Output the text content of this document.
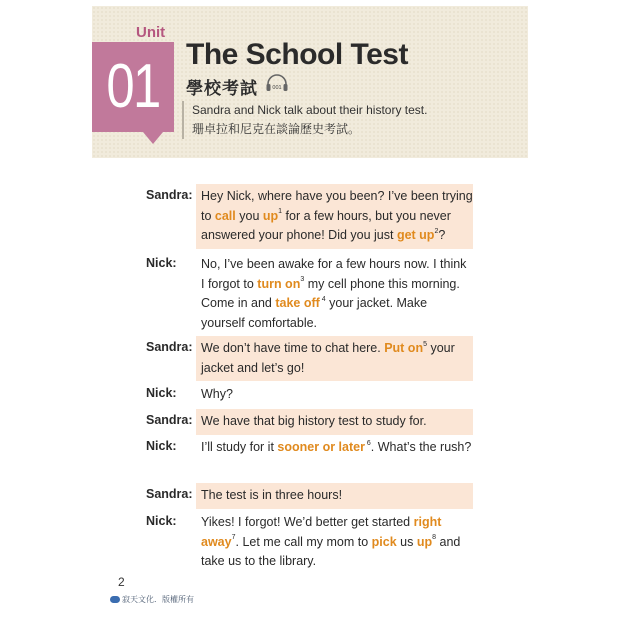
Unit
01 The School Test
學校考試	001
Sandra and Nick talk about their history test.
珊卓拉和尼克在談論歷史考試。
Sandra: Hey Nick, where have you been? I’ve been trying to call you $up^1$ for a few hours, but you never answered your phone! Did you just get $up^2$?
Nick:	No, I’ve been awake for a few hours now. I think I forgot to turn $on^3$ my cell phone this morning. Come in and take off $^4$ your jacket. Make yourself comfortable.
Sandra: We don’t have time to chat here. Put $on^5$ your jacket and let’s go!
Nick:	Why?
Sandra: We have that big history test to study for.
Nick:	I’ll study for it sooner or later $^6$. What’s the rush?
Sandra: The test is in three hours!
Nick:	Yikes! I forgot! We’d better get started right away$^7$. Let me call my mom to pick us $up^8$ and take us to the library.
2
寂天文化．版權所有
